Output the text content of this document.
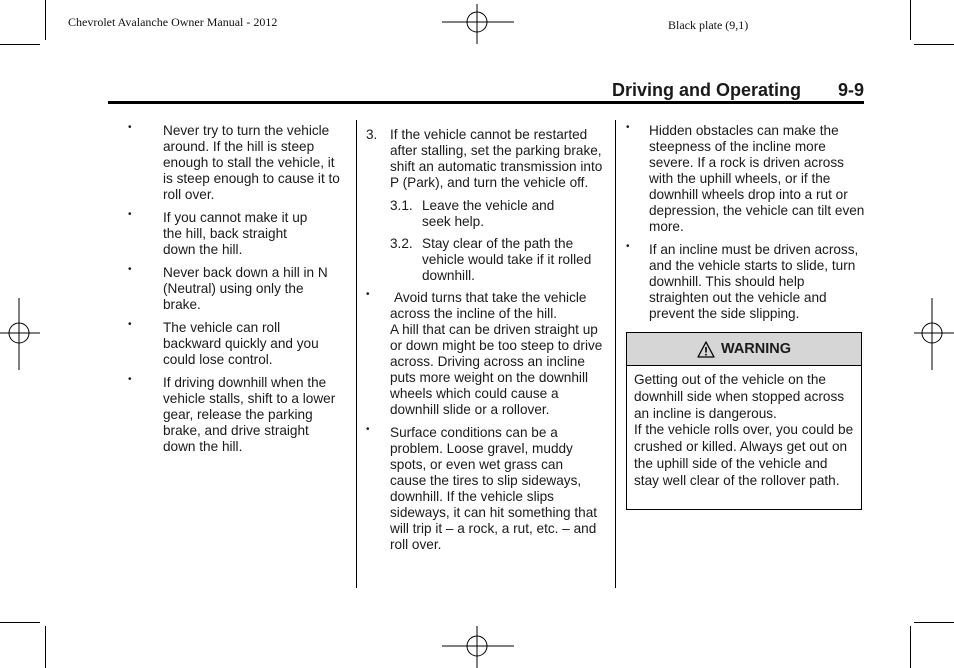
Chevrolet Avalanche Owner Manual - 2012	Black plate (9,1)
Driving and Operating 9-9
• Never try to turn the vehicle around. If the hill is steep enough to stall the vehicle, it is steep enough to cause it to roll over.
• If you cannot make it up the hill, back straight down the hill.
• Never back down a hill in N (Neutral) using only the brake.
• The vehicle can roll backward quickly and you could lose control.
• If driving downhill when the vehicle stalls, shift to a lower gear, release the parking brake, and drive straight down the hill.
3. If the vehicle cannot be restarted after stalling, set the parking brake, shift an automatic transmission into P (Park), and turn the vehicle off.
3.1. Leave the vehicle and seek help.
3.2. Stay clear of the path the vehicle would take if it rolled downhill.
• Avoid turns that take the vehicle across the incline of the hill.
A hill that can be driven straight up or down might be too steep to drive across. Driving across an incline puts more weight on the downhill wheels which could cause a downhill slide or a rollover.
• Surface conditions can be a problem. Loose gravel, muddy spots, or even wet grass can cause the tires to slip sideways, downhill. If the vehicle slips sideways, it can hit something that will trip it – a rock, a rut, etc. – and roll over.
• Hidden obstacles can make the steepness of the incline more severe. If a rock is driven across with the uphill wheels, or if the downhill wheels drop into a rut or depression, the vehicle can tilt even more.
• If an incline must be driven across, and the vehicle starts to slide, turn downhill. This should help straighten out the vehicle and prevent the side slipping.
WARNING
Getting out of the vehicle on the downhill side when stopped across an incline is dangerous.
If the vehicle rolls over, you could be crushed or killed. Always get out on the uphill side of the vehicle and stay well clear of the rollover path.
